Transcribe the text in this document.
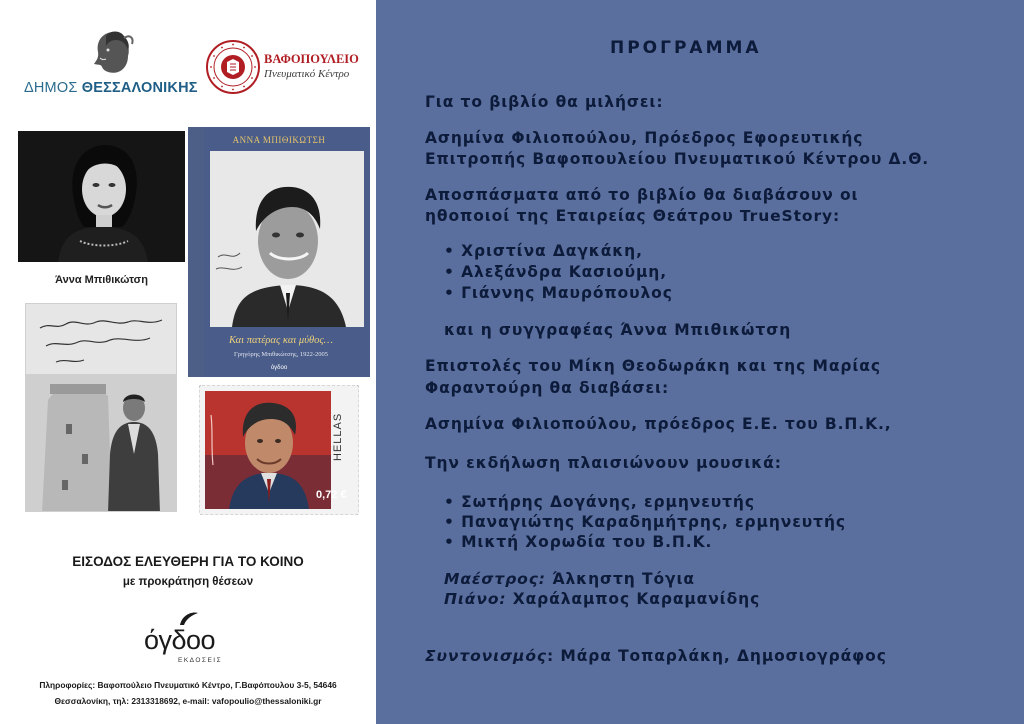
ΔΗΜΟΣ ΘΕΣΣΑΛΟΝΙΚΗΣ
ΒΑΦΟΠΟΥΛΕΙΟ
Πνευματικό Κέντρο
Άννα Μπιθικώτση
ΑΝΝΑ ΜΠΙΘΙΚΩΤΣΗ
Και πατέρας και μύθος…
Γρηγόρης Μπιθικώτσης, 1922-2005
όγδοο
HELLAS
0,72 €
ΕΙΣΟΔΟΣ ΕΛΕΥΘΕΡΗ ΓΙΑ ΤΟ ΚΟΙΝΟ
με προκράτηση θέσεων
όγδοο
ΕΚΔΟΣΕΙΣ
Πληροφορίες: Βαφοπούλειο Πνευματικό Κέντρο, Γ.Βαφόπουλου 3-5, 54646
Θεσσαλονίκη, τηλ: 2313318692, e-mail: vafopoulio@thessaloniki.gr
ΠΡΟΓΡΑΜΜΑ
Για το βιβλίο θα μιλήσει:
Ασημίνα Φιλιοπούλου, Πρόεδρος Εφορευτικής
Επιτροπής Βαφοπουλείου Πνευματικού Κέντρου Δ.Θ.
Αποσπάσματα από το βιβλίο θα διαβάσουν οι
ηθοποιοί της Εταιρείας Θεάτρου TrueStory:
• Χριστίνα Δαγκάκη,
• Αλεξάνδρα Κασιούμη,
• Γιάννης Μαυρόπουλος
και η συγγραφέας Άννα Μπιθικώτση
Επιστολές του Μίκη Θεοδωράκη και της Μαρίας
Φαραντούρη θα διαβάσει:
Ασημίνα Φιλιοπούλου, πρόεδρος Ε.Ε. του Β.Π.Κ.,
Την εκδήλωση πλαισιώνουν μουσικά:
• Σωτήρης Δογάνης, ερμηνευτής
• Παναγιώτης Καραδημήτρης, ερμηνευτής
• Μικτή Χορωδία του Β.Π.Κ.
Μαέστρος: Άλκηστη Τόγια
Πιάνο: Χαράλαμπος Καραμανίδης
Συντονισμός: Μάρα Τοπαρλάκη, Δημοσιογράφος
